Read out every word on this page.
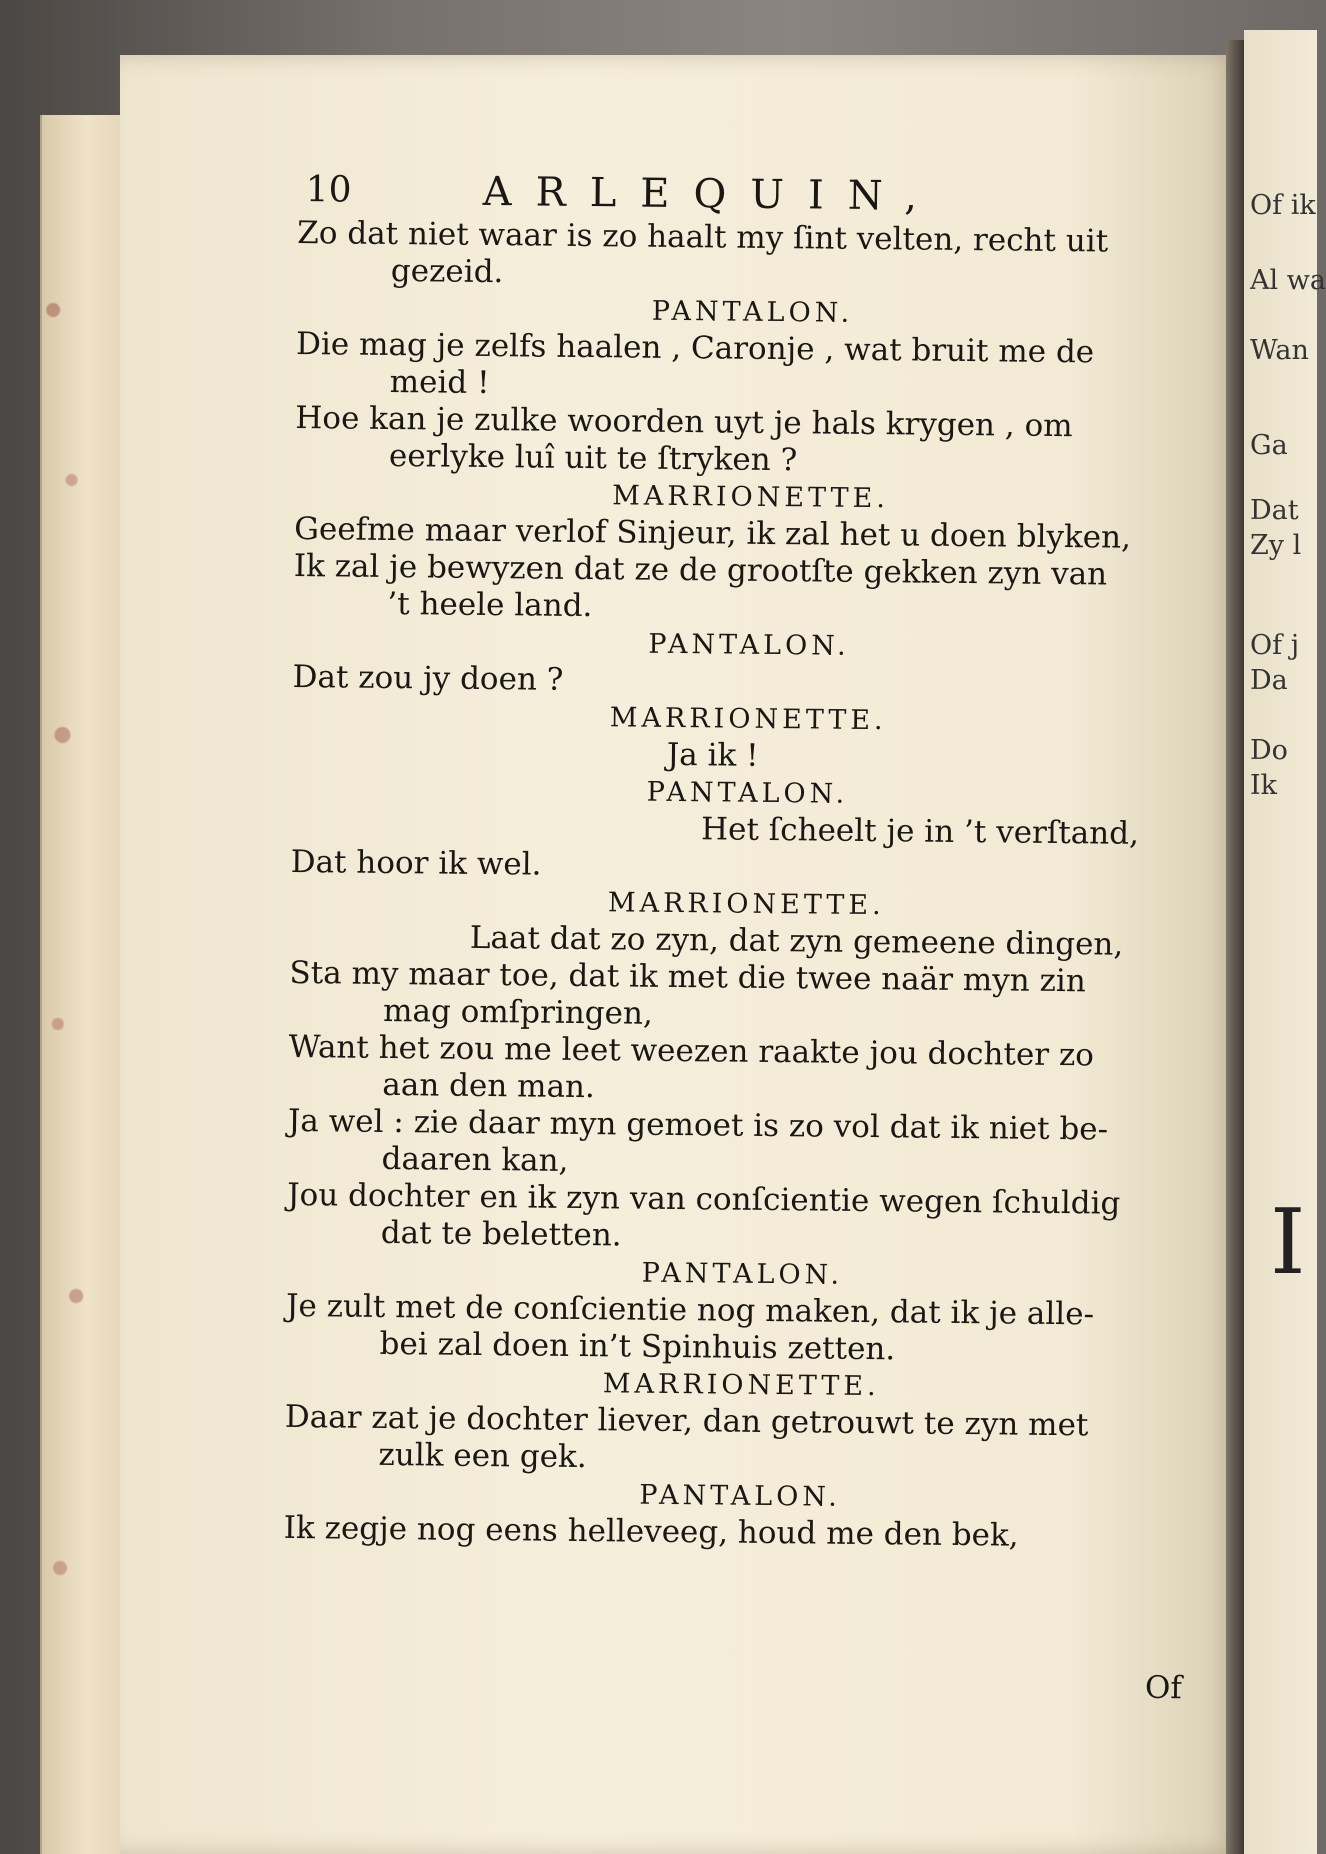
Of ik
Al wa
Wan
Ga
Dat
Zy l
Of j
Da
Do
Ik
I
10	ARLEQUIN,
Zo dat niet waar is zo haalt my ſint velten, recht uit
gezeid.
PANTALON.
Die mag je zelfs haalen , Caronje , wat bruit me de
meid !
Hoe kan je zulke woorden uyt je hals krygen , om
eerlyke luî uit te ſtryken ?
MARRIONETTE.
Geefme maar verlof Sinjeur, ik zal het u doen blyken,
Ik zal je bewyzen dat ze de grootſte gekken zyn van
’t heele land.
PANTALON.
Dat zou jy doen ?
MARRIONETTE.
Ja ik !
PANTALON.
Het ſcheelt je in ’t verſtand,
Dat hoor ik wel.
MARRIONETTE.
Laat dat zo zyn, dat zyn gemeene dingen,
Sta my maar toe, dat ik met die twee naär myn zin
mag omſpringen,
Want het zou me leet weezen raakte jou dochter zo
aan den man.
Ja wel : zie daar myn gemoet is zo vol dat ik niet be-
daaren kan,
Jou dochter en ik zyn van conſcientie wegen ſchuldig
dat te beletten.
PANTALON.
Je zult met de conſcientie nog maken, dat ik je alle-
bei zal doen in’t Spinhuis zetten.
MARRIONETTE.
Daar zat je dochter liever, dan getrouwt te zyn met
zulk een gek.
PANTALON.
Ik zegje nog eens helleveeg, houd me den bek,
Of
